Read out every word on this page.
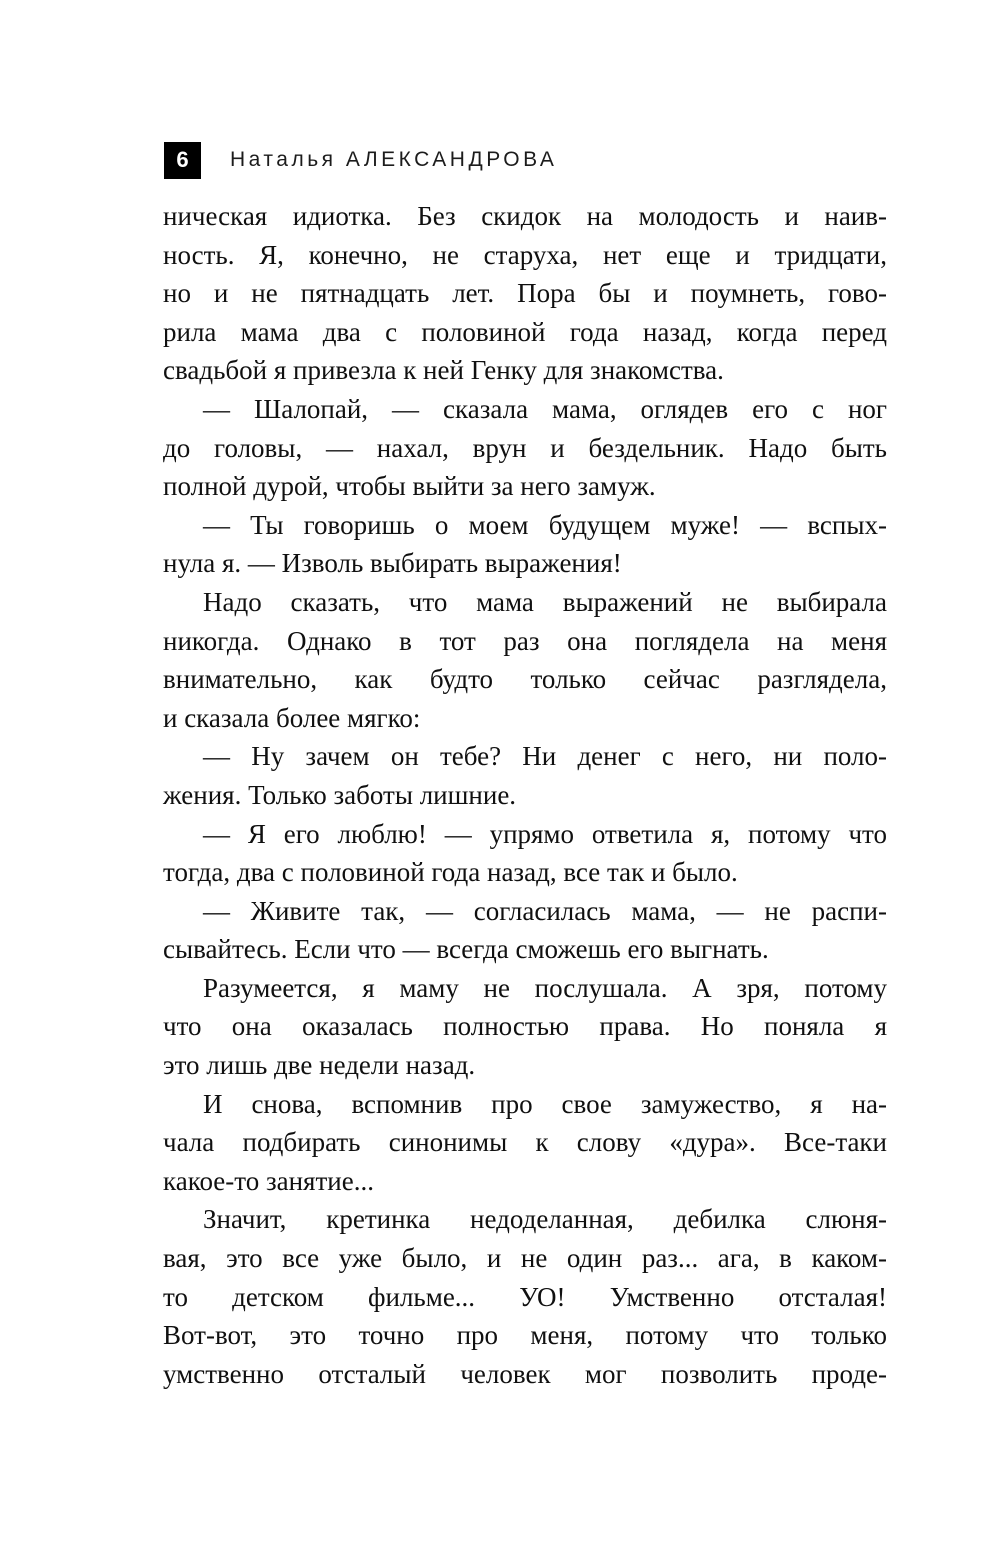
6	Наталья АЛЕКСАНДРОВА
ническая идиотка. Без скидок на молодость и наив-
ность. Я, конечно, не старуха, нет еще и тридцати,
но и не пятнадцать лет. Пора бы и поумнеть, гово-
рила мама два с половиной года назад, когда перед
свадьбой я привезла к ней Генку для знакомства.
— Шалопай, — сказала мама, оглядев его с ног
до головы, — нахал, врун и бездельник. Надо быть
полной дурой, чтобы выйти за него замуж.
— Ты говоришь о моем будущем муже! — вспых-
нула я. — Изволь выбирать выражения!
Надо сказать, что мама выражений не выбирала
никогда. Однако в тот раз она поглядела на меня
внимательно, как будто только сейчас разглядела,
и сказала более мягко:
— Ну зачем он тебе? Ни денег с него, ни поло-
жения. Только заботы лишние.
— Я его люблю! — упрямо ответила я, потому что
тогда, два с половиной года назад, все так и было.
— Живите так, — согласилась мама, — не распи-
сывайтесь. Если что — всегда сможешь его выгнать.
Разумеется, я маму не послушала. А зря, потому
что она оказалась полностью права. Но поняла я
это лишь две недели назад.
И снова, вспомнив про свое замужество, я на-
чала подбирать синонимы к слову «дура». Все-таки
какое-то занятие...
Значит, кретинка недоделанная, дебилка слюня-
вая, это все уже было, и не один раз... ага, в каком-
то детском фильме... УО! Умственно отсталая!
Вот-вот, это точно про меня, потому что только
умственно отсталый человек мог позволить проде-
